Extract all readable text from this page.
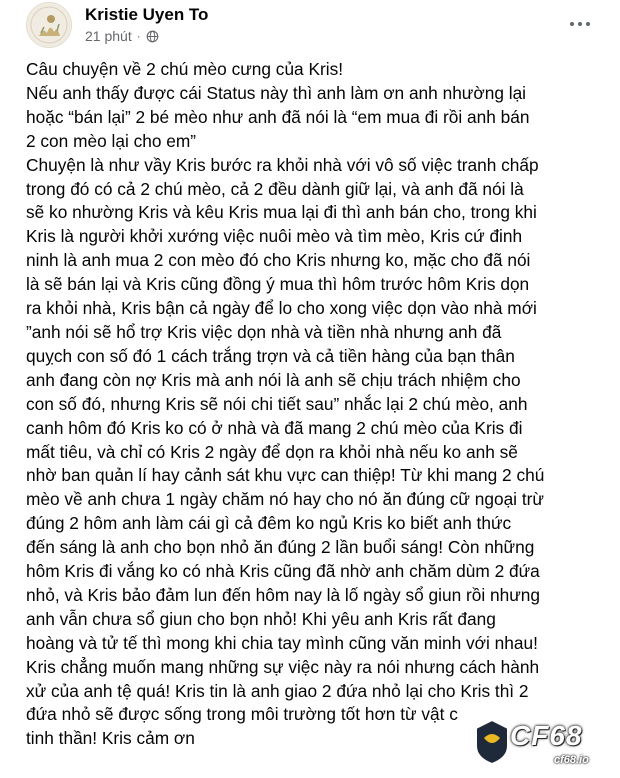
Kristie Uyen To
21 phút ·

Câu chuyện về 2 chú mèo cưng của Kris!

Nếu anh thấy được cái Status này thì anh làm ơn anh nhường lại

hoặc “bán lại” 2 bé mèo như anh đã nói là “em mua đi rồi anh bán

2 con mèo lại cho em”

Chuyện là như vầy Kris bước ra khỏi nhà với vô số việc tranh chấp

trong đó có cả 2 chú mèo, cả 2 đều dành giữ lại, và anh đã nói là

sẽ ko nhường Kris và kêu Kris mua lại đi thì anh bán cho, trong khi

Kris là người khởi xướng việc nuôi mèo và tìm mèo, Kris cứ đinh

ninh là anh mua 2 con mèo đó cho Kris nhưng ko, mặc cho đã nói

là sẽ bán lại và Kris cũng đồng ý mua thì hôm trước hôm Kris dọn

ra khỏi nhà, Kris bận cả ngày để lo cho xong việc dọn vào nhà mới

”anh nói sẽ hổ trợ Kris việc dọn nhà và tiền nhà nhưng anh đã

quỵch con số đó 1 cách trắng trợn và cả tiền hàng của bạn thân

anh đang còn nợ Kris mà anh nói là anh sẽ chịu trách nhiệm cho

con số đó, nhưng Kris sẽ nói chi tiết sau” nhắc lại 2 chú mèo, anh

canh hôm đó Kris ko có ở nhà và đã mang 2 chú mèo của Kris đi

mất tiêu, và chỉ có Kris 2 ngày để dọn ra khỏi nhà nếu ko anh sẽ

nhờ ban quản lí hay cảnh sát khu vực can thiệp! Từ khi mang 2 chú

mèo về anh chưa 1 ngày chăm nó hay cho nó ăn đúng cữ ngoại trừ

đúng 2 hôm anh làm cái gì cả đêm ko ngủ Kris ko biết anh thức

đến sáng là anh cho bọn nhỏ ăn đúng 2 lần buổi sáng! Còn những

hôm Kris đi vắng ko có nhà Kris cũng đã nhờ anh chăm dùm 2 đứa

nhỏ, và Kris bảo đảm lun đến hôm nay là lố ngày sổ giun rồi nhưng

anh vẫn chưa sổ giun cho bọn nhỏ! Khi yêu anh Kris rất đang

hoàng và tử tế thì mong khi chia tay mình cũng văn minh với nhau!

Kris chẳng muốn mang những sự việc này ra nói nhưng cách hành

xử của anh tệ quá! Kris tin là anh giao 2 đứa nhỏ lại cho Kris thì 2

đứa nhỏ sẽ được sống trong môi trường tốt hơn từ vật c

tinh thần! Kris cảm ơn	CF68
cf68.io
